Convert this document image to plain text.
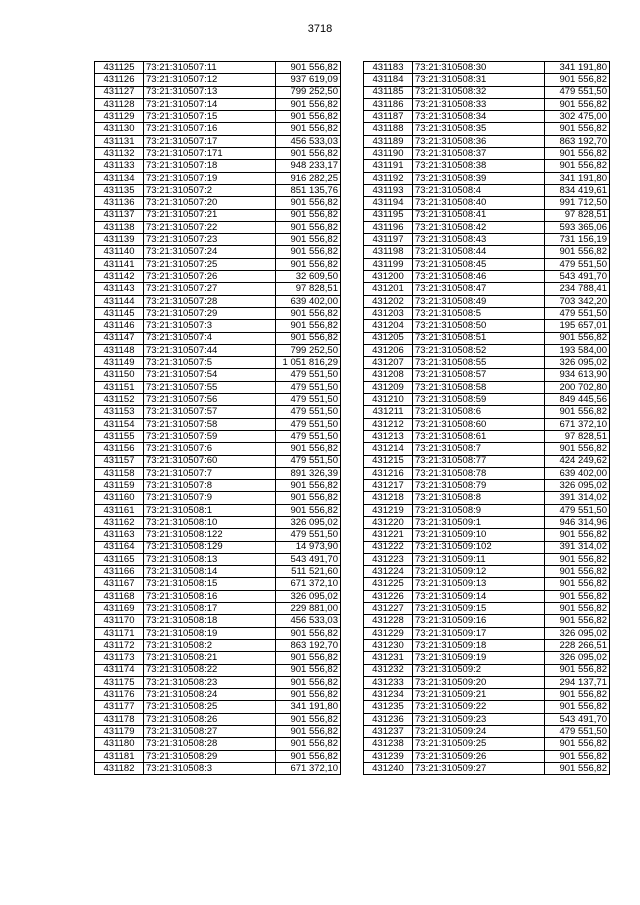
3718
431125	73:21:310507:11	901 556,82
431126	73:21:310507:12	937 619,09
431127	73:21:310507:13	799 252,50
431128	73:21:310507:14	901 556,82
431129	73:21:310507:15	901 556,82
431130	73:21:310507:16	901 556,82
431131	73:21:310507:17	456 533,03
431132	73:21:310507:171	901 556,82
431133	73:21:310507:18	948 233,17
431134	73:21:310507:19	916 282,25
431135	73:21:310507:2	851 135,76
431136	73:21:310507:20	901 556,82
431137	73:21:310507:21	901 556,82
431138	73:21:310507:22	901 556,82
431139	73:21:310507:23	901 556,82
431140	73:21:310507:24	901 556,82
431141	73:21:310507:25	901 556,82
431142	73:21:310507:26	32 609,50
431143	73:21:310507:27	97 828,51
431144	73:21:310507:28	639 402,00
431145	73:21:310507:29	901 556,82
431146	73:21:310507:3	901 556,82
431147	73:21:310507:4	901 556,82
431148	73:21:310507:44	799 252,50
431149	73:21:310507:5	1 051 816,29
431150	73:21:310507:54	479 551,50
431151	73:21:310507:55	479 551,50
431152	73:21:310507:56	479 551,50
431153	73:21:310507:57	479 551,50
431154	73:21:310507:58	479 551,50
431155	73:21:310507:59	479 551,50
431156	73:21:310507:6	901 556,82
431157	73:21:310507:60	479 551,50
431158	73:21:310507:7	891 326,39
431159	73:21:310507:8	901 556,82
431160	73:21:310507:9	901 556,82
431161	73:21:310508:1	901 556,82
431162	73:21:310508:10	326 095,02
431163	73:21:310508:122	479 551,50
431164	73:21:310508:129	14 973,90
431165	73:21:310508:13	543 491,70
431166	73:21:310508:14	511 521,60
431167	73:21:310508:15	671 372,10
431168	73:21:310508:16	326 095,02
431169	73:21:310508:17	229 881,00
431170	73:21:310508:18	456 533,03
431171	73:21:310508:19	901 556,82
431172	73:21:310508:2	863 192,70
431173	73:21:310508:21	901 556,82
431174	73:21:310508:22	901 556,82
431175	73:21:310508:23	901 556,82
431176	73:21:310508:24	901 556,82
431177	73:21:310508:25	341 191,80
431178	73:21:310508:26	901 556,82
431179	73:21:310508:27	901 556,82
431180	73:21:310508:28	901 556,82
431181	73:21:310508:29	901 556,82
431182	73:21:310508:3	671 372,10
431183	73:21:310508:30	341 191,80
431184	73:21:310508:31	901 556,82
431185	73:21:310508:32	479 551,50
431186	73:21:310508:33	901 556,82
431187	73:21:310508:34	302 475,00
431188	73:21:310508:35	901 556,82
431189	73:21:310508:36	863 192,70
431190	73:21:310508:37	901 556,82
431191	73:21:310508:38	901 556,82
431192	73:21:310508:39	341 191,80
431193	73:21:310508:4	834 419,61
431194	73:21:310508:40	991 712,50
431195	73:21:310508:41	97 828,51
431196	73:21:310508:42	593 365,06
431197	73:21:310508:43	731 156,19
431198	73:21:310508:44	901 556,82
431199	73:21:310508:45	479 551,50
431200	73:21:310508:46	543 491,70
431201	73:21:310508:47	234 788,41
431202	73:21:310508:49	703 342,20
431203	73:21:310508:5	479 551,50
431204	73:21:310508:50	195 657,01
431205	73:21:310508:51	901 556,82
431206	73:21:310508:52	193 584,00
431207	73:21:310508:55	326 095,02
431208	73:21:310508:57	934 613,90
431209	73:21:310508:58	200 702,80
431210	73:21:310508:59	849 445,56
431211	73:21:310508:6	901 556,82
431212	73:21:310508:60	671 372,10
431213	73:21:310508:61	97 828,51
431214	73:21:310508:7	901 556,82
431215	73:21:310508:77	424 249,62
431216	73:21:310508:78	639 402,00
431217	73:21:310508:79	326 095,02
431218	73:21:310508:8	391 314,02
431219	73:21:310508:9	479 551,50
431220	73:21:310509:1	946 314,96
431221	73:21:310509:10	901 556,82
431222	73:21:310509:102	391 314,02
431223	73:21:310509:11	901 556,82
431224	73:21:310509:12	901 556,82
431225	73:21:310509:13	901 556,82
431226	73:21:310509:14	901 556,82
431227	73:21:310509:15	901 556,82
431228	73:21:310509:16	901 556,82
431229	73:21:310509:17	326 095,02
431230	73:21:310509:18	228 266,51
431231	73:21:310509:19	326 095,02
431232	73:21:310509:2	901 556,82
431233	73:21:310509:20	294 137,71
431234	73:21:310509:21	901 556,82
431235	73:21:310509:22	901 556,82
431236	73:21:310509:23	543 491,70
431237	73:21:310509:24	479 551,50
431238	73:21:310509:25	901 556,82
431239	73:21:310509:26	901 556,82
431240	73:21:310509:27	901 556,82
